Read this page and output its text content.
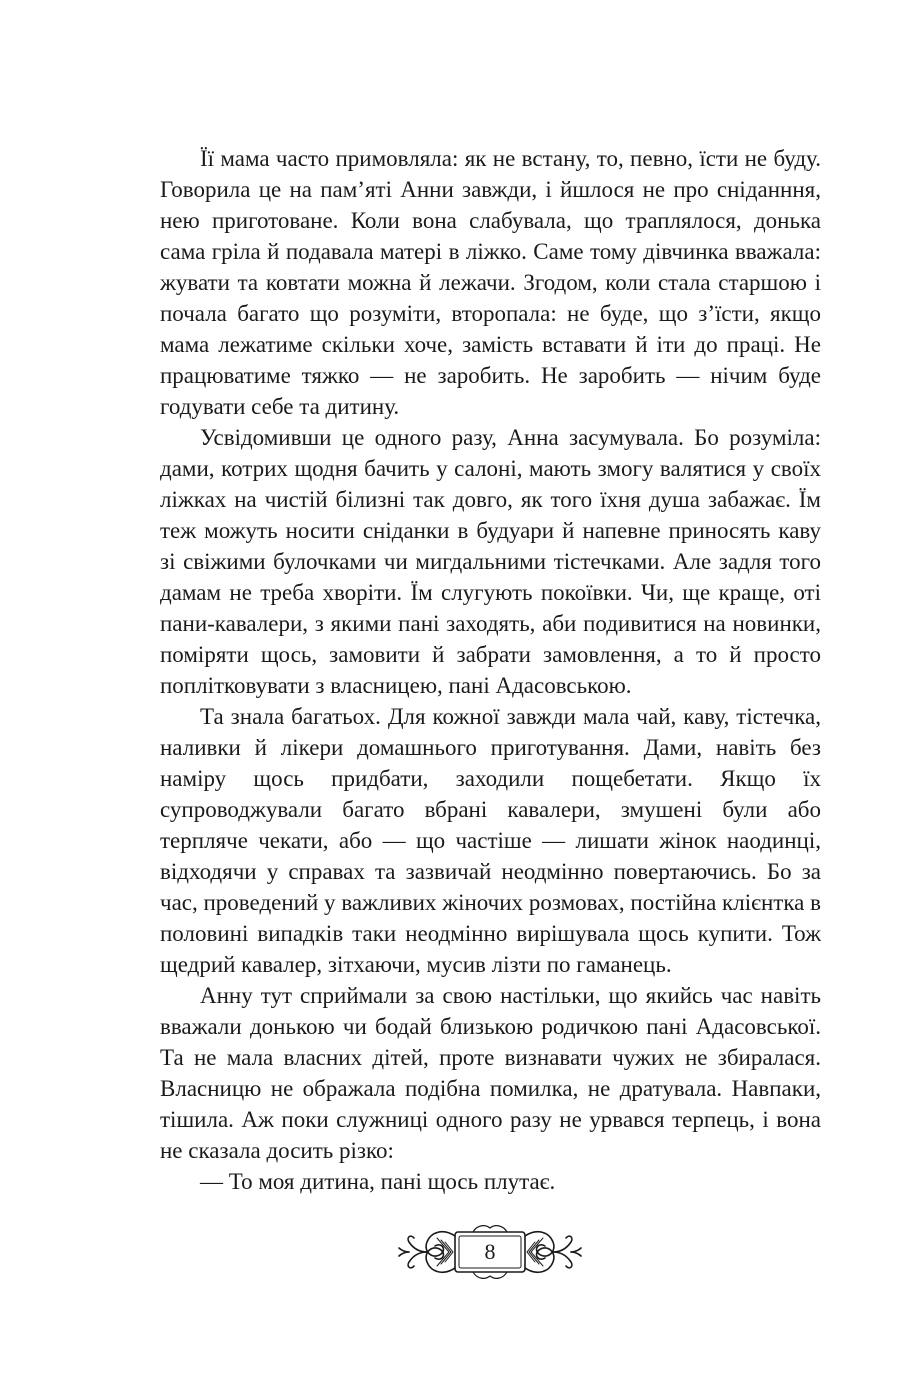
Її мама часто примовляла: як не встану, то, певно, їсти не буду. Говорила це на пам’яті Анни завжди, і йшлося не про сніданння, нею приготоване. Коли вона слабувала, що траплялося, донька сама гріла й подавала матері в ліжко. Саме тому дівчинка вважала: жувати та ковтати можна й лежачи. Згодом, коли стала старшою і почала багато що розуміти, второпала: не буде, що з’їсти, якщо мама лежатиме скільки хоче, замість вставати й іти до праці. Не працюватиме тяжко — не заробить. Не заробить — нічим буде годувати себе та дитину.

Усвідомивши це одного разу, Анна засумувала. Бо розуміла: дами, котрих щодня бачить у салоні, мають змогу валятися у своїх ліжках на чистій білизні так довго, як того їхня душа забажає. Їм теж можуть носити сніданки в будуари й напевне приносять каву зі свіжими булочками чи мигдальними тістечками. Але задля того дамам не треба хворіти. Їм слугують покоївки. Чи, ще краще, оті пани-кавалери, з якими пані заходять, аби подивитися на новинки, поміряти щось, замовити й забрати замовлення, а то й просто поплітковувати з власницею, пані Адасовською.

Та знала багатьох. Для кожної завжди мала чай, каву, тістечка, наливки й лікери домашнього приготування. Дами, навіть без наміру щось придбати, заходили пощебетати. Якщо їх супроводжували багато вбрані кавалери, змушені були або терпляче чекати, або — що частіше — лишати жінок наодинці, відходячи у справах та зазвичай неодмінно повертаючись. Бо за час, проведений у важливих жіночих розмовах, постійна клієнтка в половині випадків таки неодмінно вирішувала щось купити. Тож щедрий кавалер, зітхаючи, мусив лізти по гаманець.

Анну тут сприймали за свою настільки, що якийсь час навіть вважали донькою чи бодай близькою родичкою пані Адасовської. Та не мала власних дітей, проте визнавати чужих не збиралася. Власницю не ображала подібна помилка, не дратувала. Навпаки, тішила. Аж поки служниці одного разу не урвався терпець, і вона не сказала досить різко:

— То моя дитина, пані щось плутає.

8
